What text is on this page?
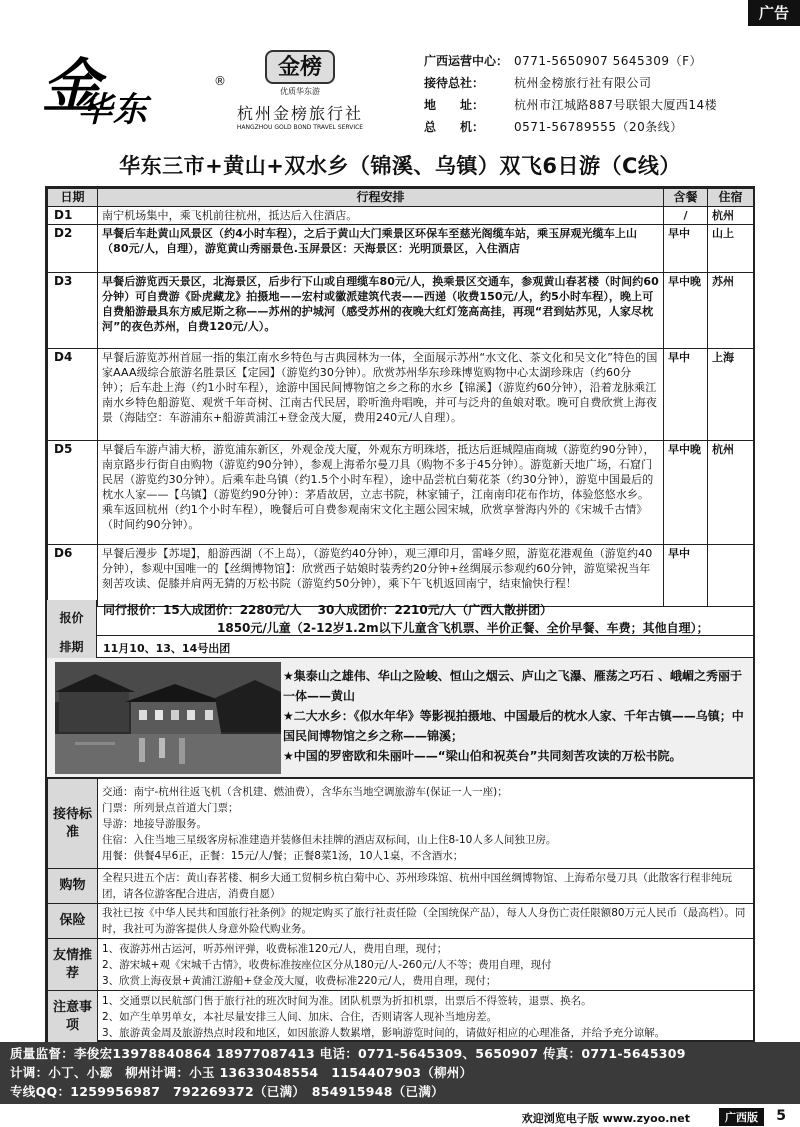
广告
金
华东
®
金榜
优质华东游
杭州金榜旅行社
HANGZHOU GOLD BOND TRAVEL SERVICE
广西运营中心： 0771-5650907 5645309（F）
接待总社：	杭州金榜旅行社有限公司
地　　址：	杭州市江城路887号联银大厦西14楼
总　　机：	0571-56789555（20条线）
华东三市+黄山+双水乡（锦溪、乌镇）双飞6日游（C线）
日期	行程安排	含餐	住宿
D1	南宁机场集中，乘飞机前往杭州，抵达后入住酒店。	/	杭州
D2	早餐后车赴黄山风景区（约4小时车程），之后于黄山大门乘景区环保车至慈光阁缆车站，乘玉屏观光缆车上山（80元/人，自理），游览黄山秀丽景色.玉屏景区：天海景区：光明顶景区，入住酒店	早中	山上
D3	早餐后游览西天景区，北海景区，后步行下山或自理缆车80元/人，换乘景区交通车，参观黄山春茗楼（时间约60分钟）可自费游《卧虎藏龙》拍摄地——宏村或徽派建筑代表——西递（收费150元/人，约5小时车程），晚上可自费船游最具东方威尼斯之称——苏州的护城河（感受苏州的夜晚大红灯笼高高挂，再现“君到姑苏见，人家尽枕河”的夜色苏州，自费120元/人）。	早中晚	苏州
D4	早餐后游览苏州首屈一指的集江南水乡特色与古典园林为一体，全面展示苏州“水文化、茶文化和吴文化”特色的国家AAA级综合旅游名胜景区【定园】（游览约30分钟）。欣赏苏州华东珍珠博览购物中心太湖珍珠店（约60分钟）；后车赴上海（约1小时车程），途游中国民间博物馆之乡之称的水乡【锦溪】（游览约60分钟），沿着龙脉乘江南水乡特色船游览、观赏千年奇树、江南古代民居，聆听渔舟唱晚，并可与泛舟的鱼娘对歌。晚可自费欣赏上海夜景（海陆空：车游浦东+船游黄浦江+登金茂大厦，费用240元/人自理）。	早中	上海
D5	早餐后车游卢浦大桥，游览浦东新区，外观金茂大厦，外观东方明珠塔，抵达后逛城隍庙商城（游览约90分钟），南京路步行街自由购物（游览约90分钟），参观上海希尔曼刀具（购物不多于45分钟）。游览新天地广场，石窟门民居（游览约30分钟）。后乘车赴乌镇（约1.5个小时车程），途中品尝杭白菊花茶（约30分钟），游览中国最后的枕水人家——【乌镇】（游览约90分钟）：茅盾故居，立志书院，林家铺子，江南南印花布作坊，体验悠悠水乡。乘车返回杭州（约1个小时车程），晚餐后可自费参观南宋文化主题公园宋城，欣赏享誉海内外的《宋城千古情》（时间约90分钟）。	早中晚	杭州
D6	早餐后漫步【苏堤】，船游西湖（不上岛），（游览约40分钟），观三潭印月，雷峰夕照，游览花港观鱼（游览约40分钟），参观中国唯一的【丝绸博物馆】：欣赏西子姑娘时装秀约20分钟+丝绸展示参观约60分钟，游览梁祝当年刻苦攻读、促膝并肩两无猜的万松书院（游览约50分钟），乘下午飞机返回南宁，结束愉快行程！	早中	
报价
同行报价：15人成团价：2280元/人　 30人成团价：2210元/人（广西人散拼团）
1850元/儿童（2-12岁1.2m以下儿童含飞机票、半价正餐、全价早餐、车费；其他自理）；
排期	11月10、13、14号出团
★集泰山之雄伟、华山之险峻、恒山之烟云、庐山之飞瀑、雁荡之巧石 、峨嵋之秀丽于一体——黄山
★二大水乡：《似水年华》等影视拍摄地、中国最后的枕水人家、千年古镇——乌镇；中国民间博物馆之乡之称——锦溪；
★中国的罗密欧和朱丽叶——“梁山伯和祝英台”共同刻苦攻读的万松书院。
接待标准	交通：南宁-杭州往返飞机（含机建、燃油费），含华东当地空调旅游车(保证一人一座)；
门票：所列景点首道大门票；
导游：地接导游服务。
住宿：入住当地三星级客房标准建造并装修但未挂牌的酒店双标间，山上住8-10人多人间独卫房。
用餐：供餐4早6正，正餐：15元/人/餐；正餐8菜1汤，10人1桌，不含酒水；

购物	全程只进五个店：黄山春茗楼、桐乡大通工贸桐乡杭白菊中心、苏州珍珠馆、杭州中国丝绸博物馆、上海希尔曼刀具（此散客行程非纯玩团，请各位游客配合进店，消费自愿）
保险	我社已按《中华人民共和国旅行社条例》的规定购买了旅行社责任险（全国统保产品），每人人身伤亡责任限额80万元人民币（最高档）。同时，我社可为游客提供人身意外险代购业务。
友情推荐	1、夜游苏州古运河，听苏州评弹，收费标准120元/人，费用自理，现付；
2、游宋城+观《宋城千古情》，收费标准按座位区分从180元/人-260元/人不等；费用自理，现付
3、欣赏上海夜景+黄浦江游船+登金茂大厦，收费标准220元/人，费用自理，现付；

注意事项	1、交通票以民航部门售于旅行社的班次时间为准。团队机票为折扣机票，出票后不得签转，退票、换名。
2、如产生单男单女，本社尽量安排三人间、加床、合住，否则请客人现补当地房差。
3、旅游黄金周及旅游热点时段和地区，如因旅游人数累增，影响游览时间的，请做好相应的心理准备，并给予充分谅解。
质量监督：李俊宏13978840864 18977087413 电话：0771-5645309、5650907 传真：0771-5645309
计调：小丁、小鄢　柳州计调：小玉 13633048554　1154407903（柳州）
专线QQ：1259956987　792269372（已满）　854915948（已满）
欢迎浏览电子版 www.zyoo.net	广西版	5
